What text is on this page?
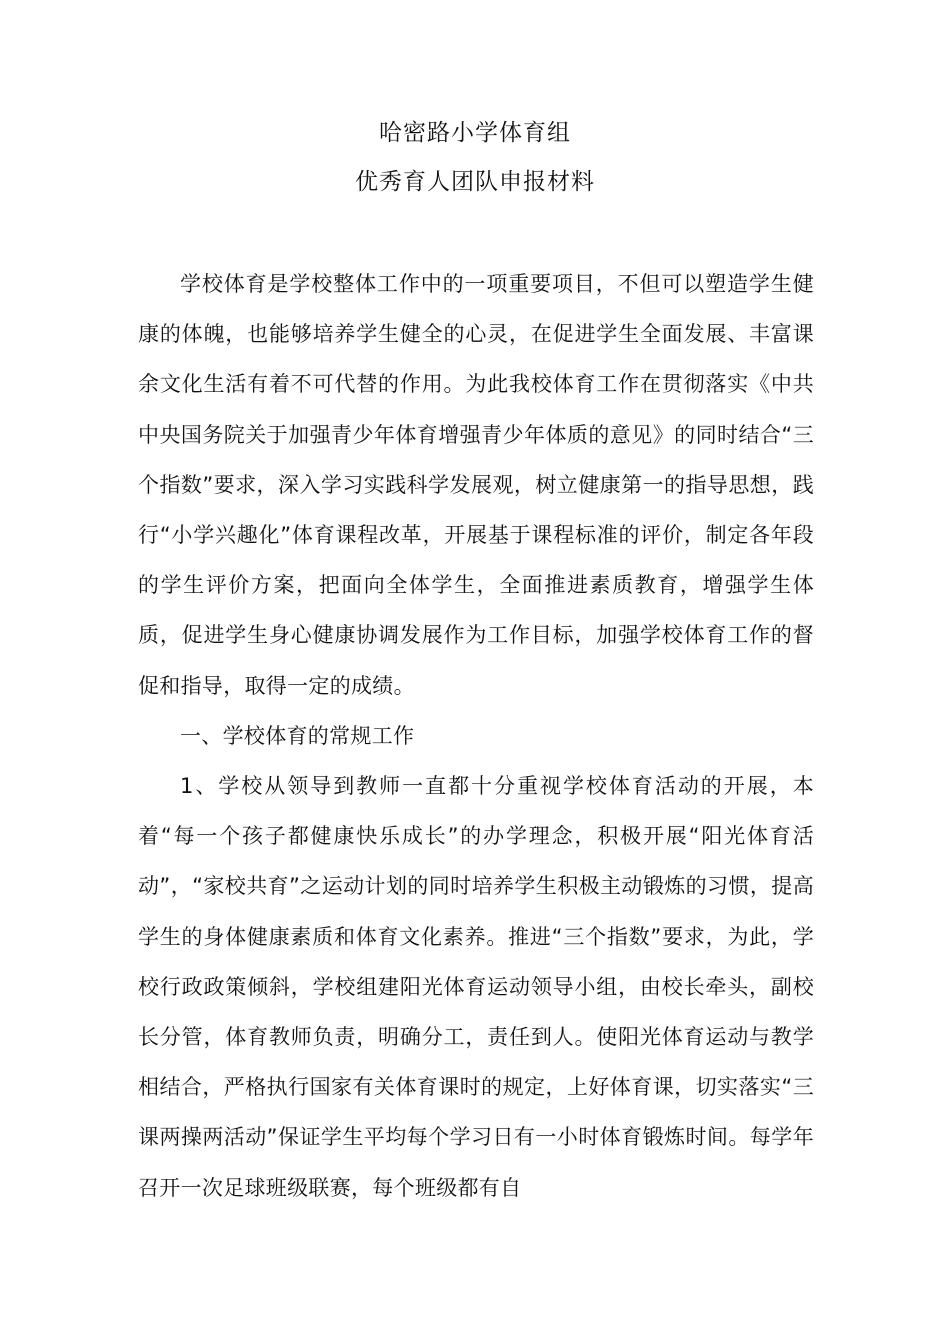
哈密路小学体育组
优秀育人团队申报材料

学校体育是学校整体工作中的一项重要项目，不但可以塑造学生健康的体魄，也能够培养学生健全的心灵，在促进学生全面发展、丰富课余文化生活有着不可代替的作用。为此我校体育工作在贯彻落实《中共中央国务院关于加强青少年体育增强青少年体质的意见》的同时结合“三个指数”要求，深入学习实践科学发展观，树立健康第一的指导思想，践行“小学兴趣化”体育课程改革，开展基于课程标准的评价，制定各年段的学生评价方案，把面向全体学生，全面推进素质教育，增强学生体质，促进学生身心健康协调发展作为工作目标，加强学校体育工作的督促和指导，取得一定的成绩。

一、学校体育的常规工作

1、学校从领导到教师一直都十分重视学校体育活动的开展，本着“每一个孩子都健康快乐成长”的办学理念，积极开展“阳光体育活动”，“家校共育”之运动计划的同时培养学生积极主动锻炼的习惯，提高学生的身体健康素质和体育文化素养。推进“三个指数”要求，为此，学校行政政策倾斜，学校组建阳光体育运动领导小组，由校长牵头，副校长分管，体育教师负责，明确分工，责任到人。使阳光体育运动与教学相结合，严格执行国家有关体育课时的规定，上好体育课，切实落实“三课两操两活动”保证学生平均每个学习日有一小时体育锻炼时间。每学年召开一次足球班级联赛，每个班级都有自
